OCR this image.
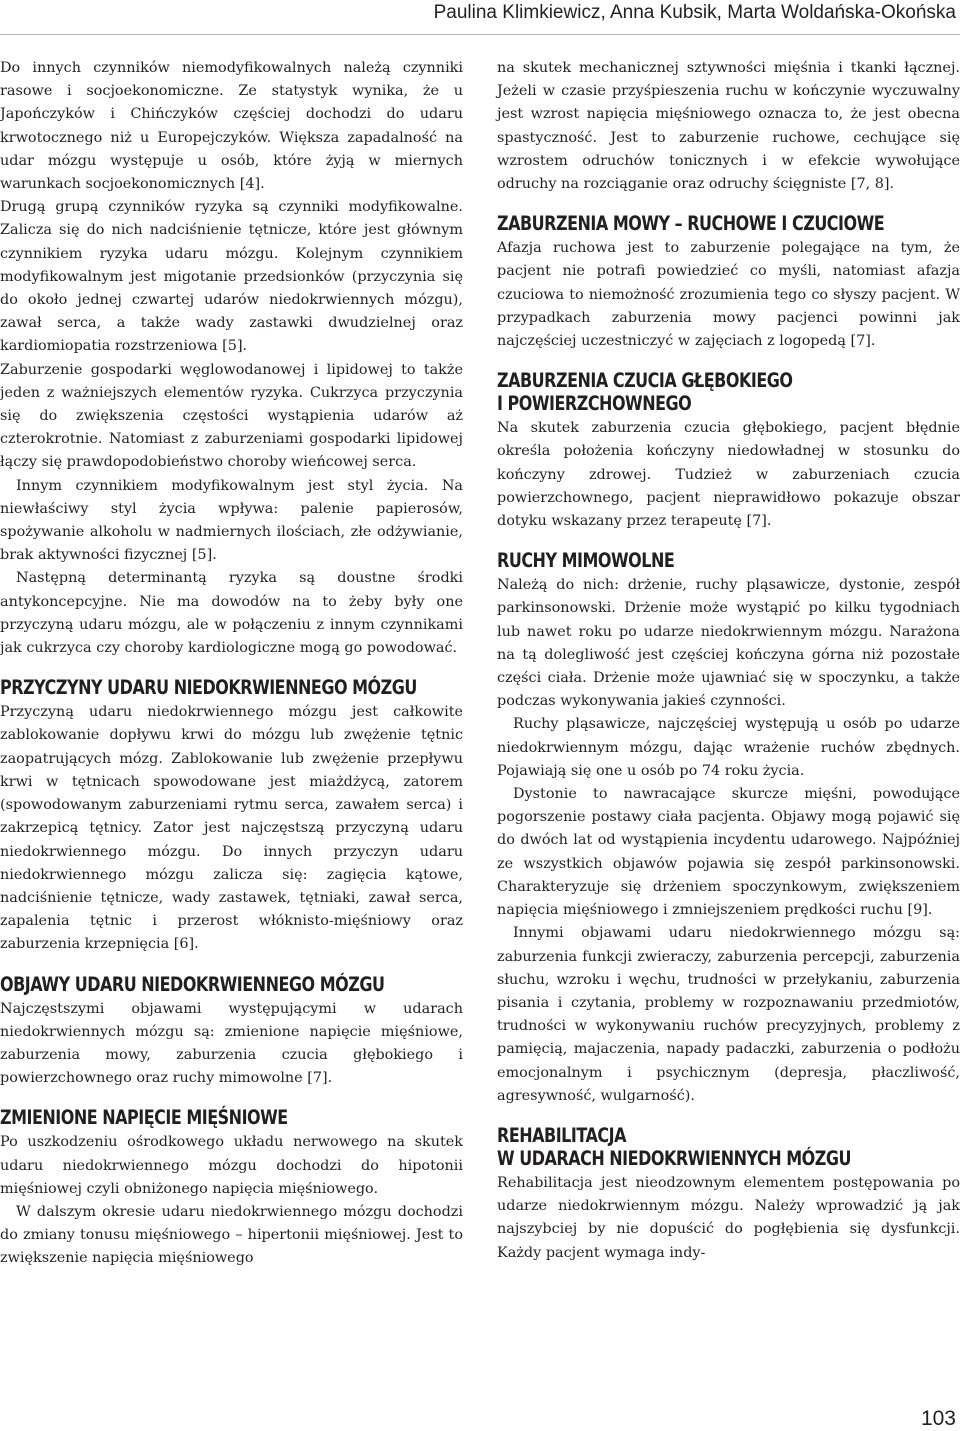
Paulina Klimkiewicz, Anna Kubsik, Marta Woldańska-Okońska

Do innych czynników niemodyfikowalnych należą czynniki rasowe i socjoekonomiczne. Ze statystyk wynika, że u Japończyków i Chińczyków częściej dochodzi do udaru krwotocznego niż u Europejczyków. Większa zapadalność na udar mózgu występuje u osób, które żyją w miernych warunkach socjoekonomicznych [4].

Drugą grupą czynników ryzyka są czynniki modyfikowalne. Zalicza się do nich nadciśnienie tętnicze, które jest głównym czynnikiem ryzyka udaru mózgu. Kolejnym czynnikiem modyfikowalnym jest migotanie przedsionków (przyczynia się do około jednej czwartej udarów niedokrwiennych mózgu), zawał serca, a także wady zastawki dwudzielnej oraz kardiomiopatia rozstrzeniowa [5].

Zaburzenie gospodarki węglowodanowej i lipidowej to także jeden z ważniejszych elementów ryzyka. Cukrzyca przyczynia się do zwiększenia częstości wystąpienia udarów aż czterokrotnie. Natomiast z zaburzeniami gospodarki lipidowej łączy się prawdopodobieństwo choroby wieńcowej serca.

Innym czynnikiem modyfikowalnym jest styl życia. Na niewłaściwy styl życia wpływa: palenie papierosów, spożywanie alkoholu w nadmiernych ilościach, złe odżywianie, brak aktywności fizycznej [5].

Następną determinantą ryzyka są doustne środki antykoncepcyjne. Nie ma dowodów na to żeby były one przyczyną udaru mózgu, ale w połączeniu z innym czynnikami jak cukrzyca czy choroby kardiologiczne mogą go powodować.

PRZYCZYNY UDARU NIEDOKRWIENNEGO MÓZGU

Przyczyną udaru niedokrwiennego mózgu jest całkowite zablokowanie dopływu krwi do mózgu lub zwężenie tętnic zaopatrujących mózg. Zablokowanie lub zwężenie przepływu krwi w tętnicach spowodowane jest miażdżycą, zatorem (spowodowanym zaburzeniami rytmu serca, zawałem serca) i zakrzepicą tętnicy. Zator jest najczęstszą przyczyną udaru niedokrwiennego mózgu. Do innych przyczyn udaru niedokrwiennego mózgu zalicza się: zagięcia kątowe, nadciśnienie tętnicze, wady zastawek, tętniaki, zawał serca, zapalenia tętnic i przerost włóknisto-mięśniowy oraz zaburzenia krzepnięcia [6].

OBJAWY UDARU NIEDOKRWIENNEGO MÓZGU

Najczęstszymi objawami występującymi w udarach niedokrwiennych mózgu są: zmienione napięcie mięśniowe, zaburzenia mowy, zaburzenia czucia głębokiego i powierzchownego oraz ruchy mimowolne [7].

ZMIENIONE NAPIĘCIE MIĘŚNIOWE

Po uszkodzeniu ośrodkowego układu nerwowego na skutek udaru niedokrwiennego mózgu dochodzi do hipotonii mięśniowej czyli obniżonego napięcia mięśniowego.

W dalszym okresie udaru niedokrwiennego mózgu dochodzi do zmiany tonusu mięśniowego – hipertonii mięśniowej. Jest to zwiększenie napięcia mięśniowego

na skutek mechanicznej sztywności mięśnia i tkanki łącznej. Jeżeli w czasie przyśpieszenia ruchu w kończynie wyczuwalny jest wzrost napięcia mięśniowego oznacza to, że jest obecna spastyczność. Jest to zaburzenie ruchowe, cechujące się wzrostem odruchów tonicznych i w efekcie wywołujące odruchy na rozciąganie oraz odruchy ścięgniste [7, 8].

ZABURZENIA MOWY – RUCHOWE I CZUCIOWE

Afazja ruchowa jest to zaburzenie polegające na tym, że pacjent nie potrafi powiedzieć co myśli, natomiast afazja czuciowa to niemożność zrozumienia tego co słyszy pacjent. W przypadkach zaburzenia mowy pacjenci powinni jak najczęściej uczestniczyć w zajęciach z logopedą [7].

ZABURZENIA CZUCIA GŁĘBOKIEGO
I POWIERZCHOWNEGO

Na skutek zaburzenia czucia głębokiego, pacjent błędnie określa położenia kończyny niedowładnej w stosunku do kończyny zdrowej. Tudzież w zaburzeniach czucia powierzchownego, pacjent nieprawidłowo pokazuje obszar dotyku wskazany przez terapeutę [7].

RUCHY MIMOWOLNE

Należą do nich: drżenie, ruchy pląsawicze, dystonie, zespół parkinsonowski. Drżenie może wystąpić po kilku tygodniach lub nawet roku po udarze niedokrwiennym mózgu. Narażona na tą dolegliwość jest częściej kończyna górna niż pozostałe części ciała. Drżenie może ujawniać się w spoczynku, a także podczas wykonywania jakieś czynności.

Ruchy pląsawicze, najczęściej występują u osób po udarze niedokrwiennym mózgu, dając wrażenie ruchów zbędnych. Pojawiają się one u osób po 74 roku życia.

Dystonie to nawracające skurcze mięśni, powodujące pogorszenie postawy ciała pacjenta. Objawy mogą pojawić się do dwóch lat od wystąpienia incydentu udarowego. Najpóźniej ze wszystkich objawów pojawia się zespół parkinsonowski. Charakteryzuje się drżeniem spoczynkowym, zwiększeniem napięcia mięśniowego i zmniejszeniem prędkości ruchu [9].

Innymi objawami udaru niedokrwiennego mózgu są: zaburzenia funkcji zwieraczy, zaburzenia percepcji, zaburzenia słuchu, wzroku i węchu, trudności w przełykaniu, zaburzenia pisania i czytania, problemy w rozpoznawaniu przedmiotów, trudności w wykonywaniu ruchów precyzyjnych, problemy z pamięcią, majaczenia, napady padaczki, zaburzenia o podłożu emocjonalnym i psychicznym (depresja, płaczliwość, agresywność, wulgarność).

REHABILITACJA
W UDARACH NIEDOKRWIENNYCH MÓZGU

Rehabilitacja jest nieodzownym elementem postępowania po udarze niedokrwiennym mózgu. Należy wprowadzić ją jak najszybciej by nie dopuścić do pogłębienia się dysfunkcji. Każdy pacjent wymaga indy-

103
